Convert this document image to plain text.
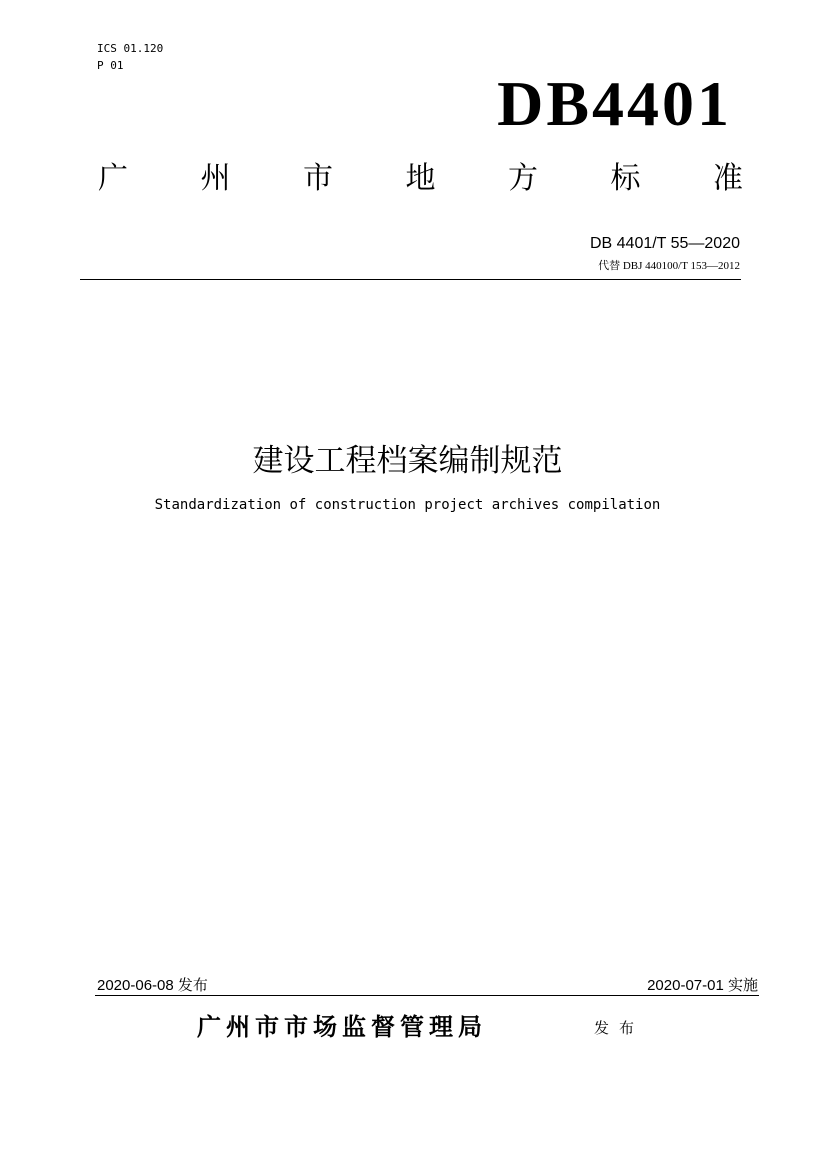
ICS 01.120
P 01
DB4401
广 州 市 地 方 标 准
DB 4401/T 55—2020
代替 DBJ 440100/T 153—2012
建设工程档案编制规范
Standardization of construction project archives compilation
2020-06-08 发布	2020-07-01 实施
广州市市场监督管理局	发布
